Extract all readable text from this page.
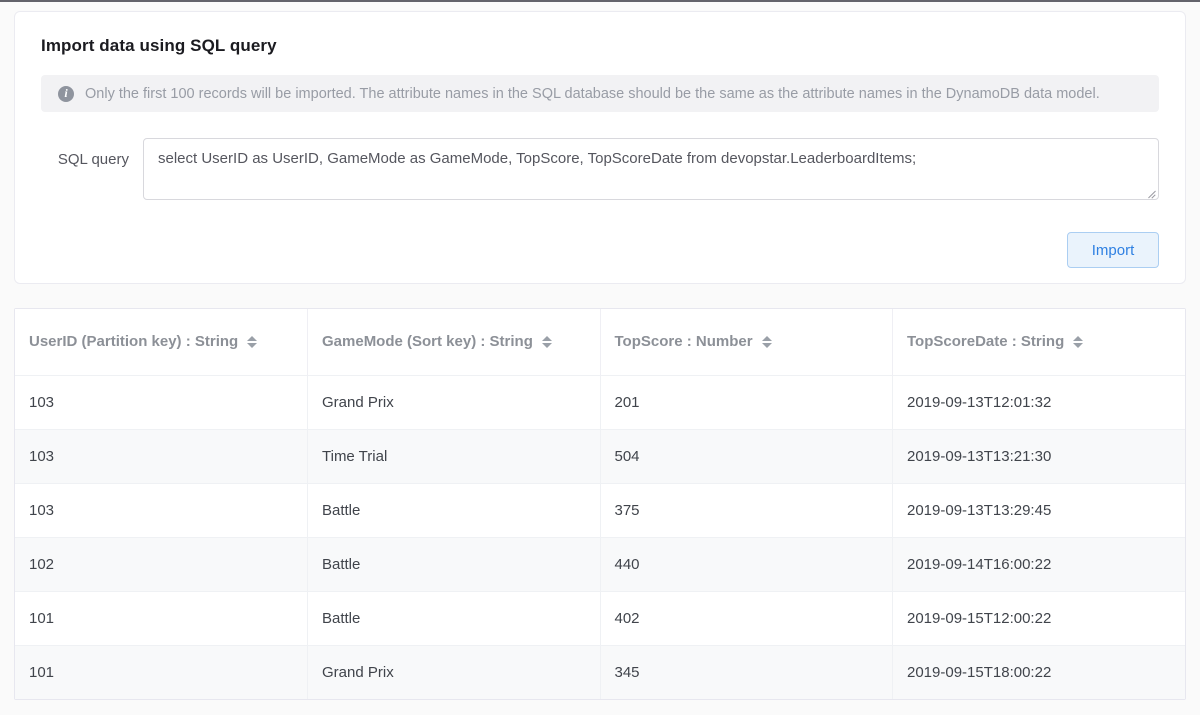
Import data using SQL query
i	Only the first 100 records will be imported. The attribute names in the SQL database should be the same as the attribute names in the DynamoDB data model.
SQL query
select UserID as UserID, GameMode as GameMode, TopScore, TopScoreDate from devopstar.LeaderboardItems;
Import
UserID (Partition key) : String	GameMode (Sort key) : String	TopScore : Number	TopScoreDate : String

103	Grand Prix	201	2019-09-13T12:01:32
103	Time Trial	504	2019-09-13T13:21:30
103	Battle	375	2019-09-13T13:29:45
102	Battle	440	2019-09-14T16:00:22
101	Battle	402	2019-09-15T12:00:22
101	Grand Prix	345	2019-09-15T18:00:22
